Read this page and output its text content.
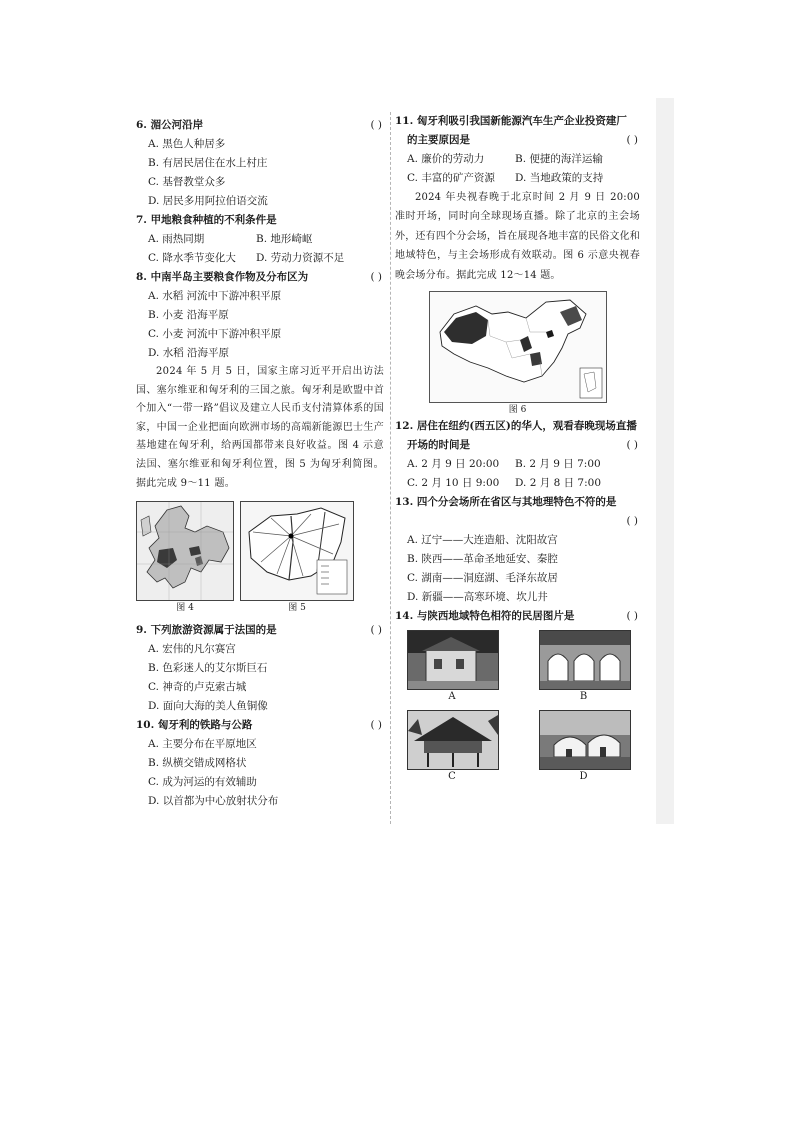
6. 湄公河沿岸	( )
A. 黑色人种居多
B. 有居民居住在水上村庄
C. 基督教堂众多
D. 居民多用阿拉伯语交流
7. 甲地粮食种植的不利条件是
A. 雨热同期	B. 地形崎岖
C. 降水季节变化大	D. 劳动力资源不足
8. 中南半岛主要粮食作物及分布区为	( )
A. 水稻 河流中下游冲积平原
B. 小麦 沿海平原
C. 小麦 河流中下游冲积平原
D. 水稻 沿海平原
2024 年 5 月 5 日，国家主席习近平开启出访法国、塞尔维亚和匈牙利的三国之旅。匈牙利是欧盟中首个加入“一带一路”倡议及建立人民币支付清算体系的国家，中国一企业把面向欧洲市场的高端新能源巴士生产基地建在匈牙利，给两国都带来良好收益。图 4 示意法国、塞尔维亚和匈牙利位置，图 5 为匈牙利简图。据此完成 9～11 题。
图 4	图 5
9. 下列旅游资源属于法国的是	( )
A. 宏伟的凡尔赛宫
B. 色彩迷人的艾尔斯巨石
C. 神奇的卢克索古城
D. 面向大海的美人鱼铜像
10. 匈牙利的铁路与公路	( )
A. 主要分布在平原地区
B. 纵横交错成网格状
C. 成为河运的有效辅助
D. 以首都为中心放射状分布
11. 匈牙利吸引我国新能源汽车生产企业投资建厂
的主要原因是	( )
A. 廉价的劳动力	B. 便捷的海洋运输
C. 丰富的矿产资源	D. 当地政策的支持
2024 年央视春晚于北京时间 2 月 9 日 20:00 准时开场，同时向全球现场直播。除了北京的主会场外，还有四个分会场，旨在展现各地丰富的民俗文化和地域特色，与主会场形成有效联动。图 6 示意央视春晚会场分布。据此完成 12～14 题。
图 6
12. 居住在纽约(西五区)的华人，观看春晚现场直播
开场的时间是	( )
A. 2 月 9 日 20:00	B. 2 月 9 日 7:00
C. 2 月 10 日 9:00	D. 2 月 8 日 7:00
13. 四个分会场所在省区与其地理特色不符的是
( )
A. 辽宁——大连造船、沈阳故宫
B. 陕西——革命圣地延安、秦腔
C. 湖南——洞庭湖、毛泽东故居
D. 新疆——高寒环境、坎儿井
14. 与陕西地域特色相符的民居图片是	( )
A	B
C	D
